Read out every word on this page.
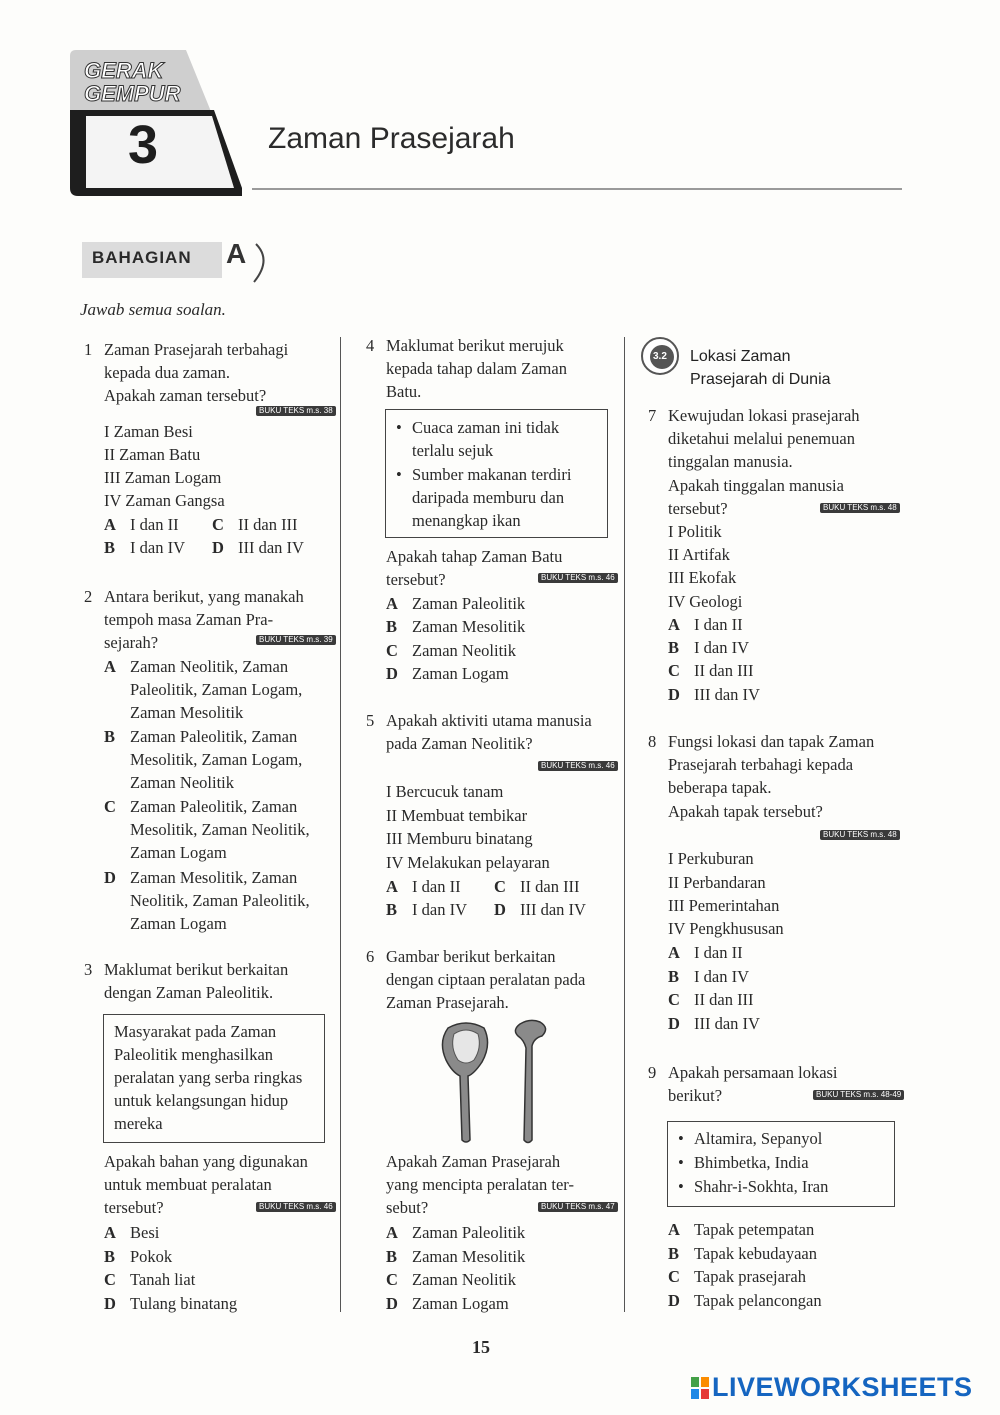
GERAK
GEMPUR
3	Zaman Prasejarah
BAHAGIAN A
Jawab semua soalan.
1 Zaman Prasejarah terbahagi
kepada dua zaman.
Apakah zaman tersebut?
BUKU TEKS m.s. 38
I Zaman Besi
II Zaman Batu
III Zaman Logam
IV Zaman Gangsa
A I dan II C II dan III
B I dan IV D III dan IV
2 Antara berikut, yang manakah
tempoh masa Zaman Pra-
sejarah?	BUKU TEKS m.s. 39
A Zaman Neolitik, Zaman
Paleolitik, Zaman Logam,
Zaman Mesolitik
B Zaman Paleolitik, Zaman
Mesolitik, Zaman Logam,
Zaman Neolitik
C Zaman Paleolitik, Zaman
Mesolitik, Zaman Neolitik,
Zaman Logam
D Zaman Mesolitik, Zaman
Neolitik, Zaman Paleolitik,
Zaman Logam
3 Maklumat berikut berkaitan
dengan Zaman Paleolitik.
Masyarakat pada Zaman
Paleolitik menghasilkan
peralatan yang serba ringkas
untuk kelangsungan hidup
mereka
Apakah bahan yang digunakan
untuk membuat peralatan
tersebut?	BUKU TEKS m.s. 46
A Besi
B Pokok
C Tanah liat
D Tulang binatang
4 Maklumat berikut merujuk
kepada tahap dalam Zaman
Batu.
• Cuaca zaman ini tidak
terlalu sejuk
• Sumber makanan terdiri
daripada memburu dan
menangkap ikan
Apakah tahap Zaman Batu
tersebut?	BUKU TEKS m.s. 46
A Zaman Paleolitik
B Zaman Mesolitik
C Zaman Neolitik
D Zaman Logam
5 Apakah aktiviti utama manusia
pada Zaman Neolitik?
BUKU TEKS m.s. 46
I Bercucuk tanam
II Membuat tembikar
III Memburu binatang
IV Melakukan pelayaran
A I dan II C II dan III
B I dan IV D III dan IV
6 Gambar berikut berkaitan
dengan ciptaan peralatan pada
Zaman Prasejarah.
Apakah Zaman Prasejarah
yang mencipta peralatan ter-
sebut?	BUKU TEKS m.s. 47
A Zaman Paleolitik
B Zaman Mesolitik
C Zaman Neolitik
D Zaman Logam
3.2 Lokasi Zaman
Prasejarah di Dunia
7 Kewujudan lokasi prasejarah
diketahui melalui penemuan
tinggalan manusia.
Apakah tinggalan manusia
tersebut?	BUKU TEKS m.s. 48
I Politik
II Artifak
III Ekofak
IV Geologi
A I dan II
B I dan IV
C II dan III
D III dan IV
8 Fungsi lokasi dan tapak Zaman
Prasejarah terbahagi kepada
beberapa tapak.
Apakah tapak tersebut?
BUKU TEKS m.s. 48
I Perkuburan
II Perbandaran
III Pemerintahan
IV Pengkhususan
A I dan II
B I dan IV
C II dan III
D III dan IV
9 Apakah persamaan lokasi
berikut?	BUKU TEKS m.s. 48-49
• Altamira, Sepanyol
• Bhimbetka, India
• Shahr-i-Sokhta, Iran
A Tapak petempatan
B Tapak kebudayaan
C Tapak prasejarah
D Tapak pelancongan
15
LIVEWORKSHEETS
